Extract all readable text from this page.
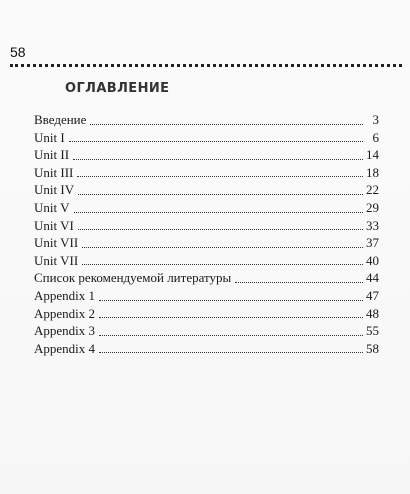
58
ОГЛАВЛЕНИЕ
Введение	3
Unit I	6
Unit II	14
Unit III	18
Unit IV	22
Unit V	29
Unit VI	33
Unit VII	37
Unit VII	40
Список рекомендуемой литературы	44
Appendix 1	47
Appendix 2	48
Appendix 3	55
Appendix 4	58
